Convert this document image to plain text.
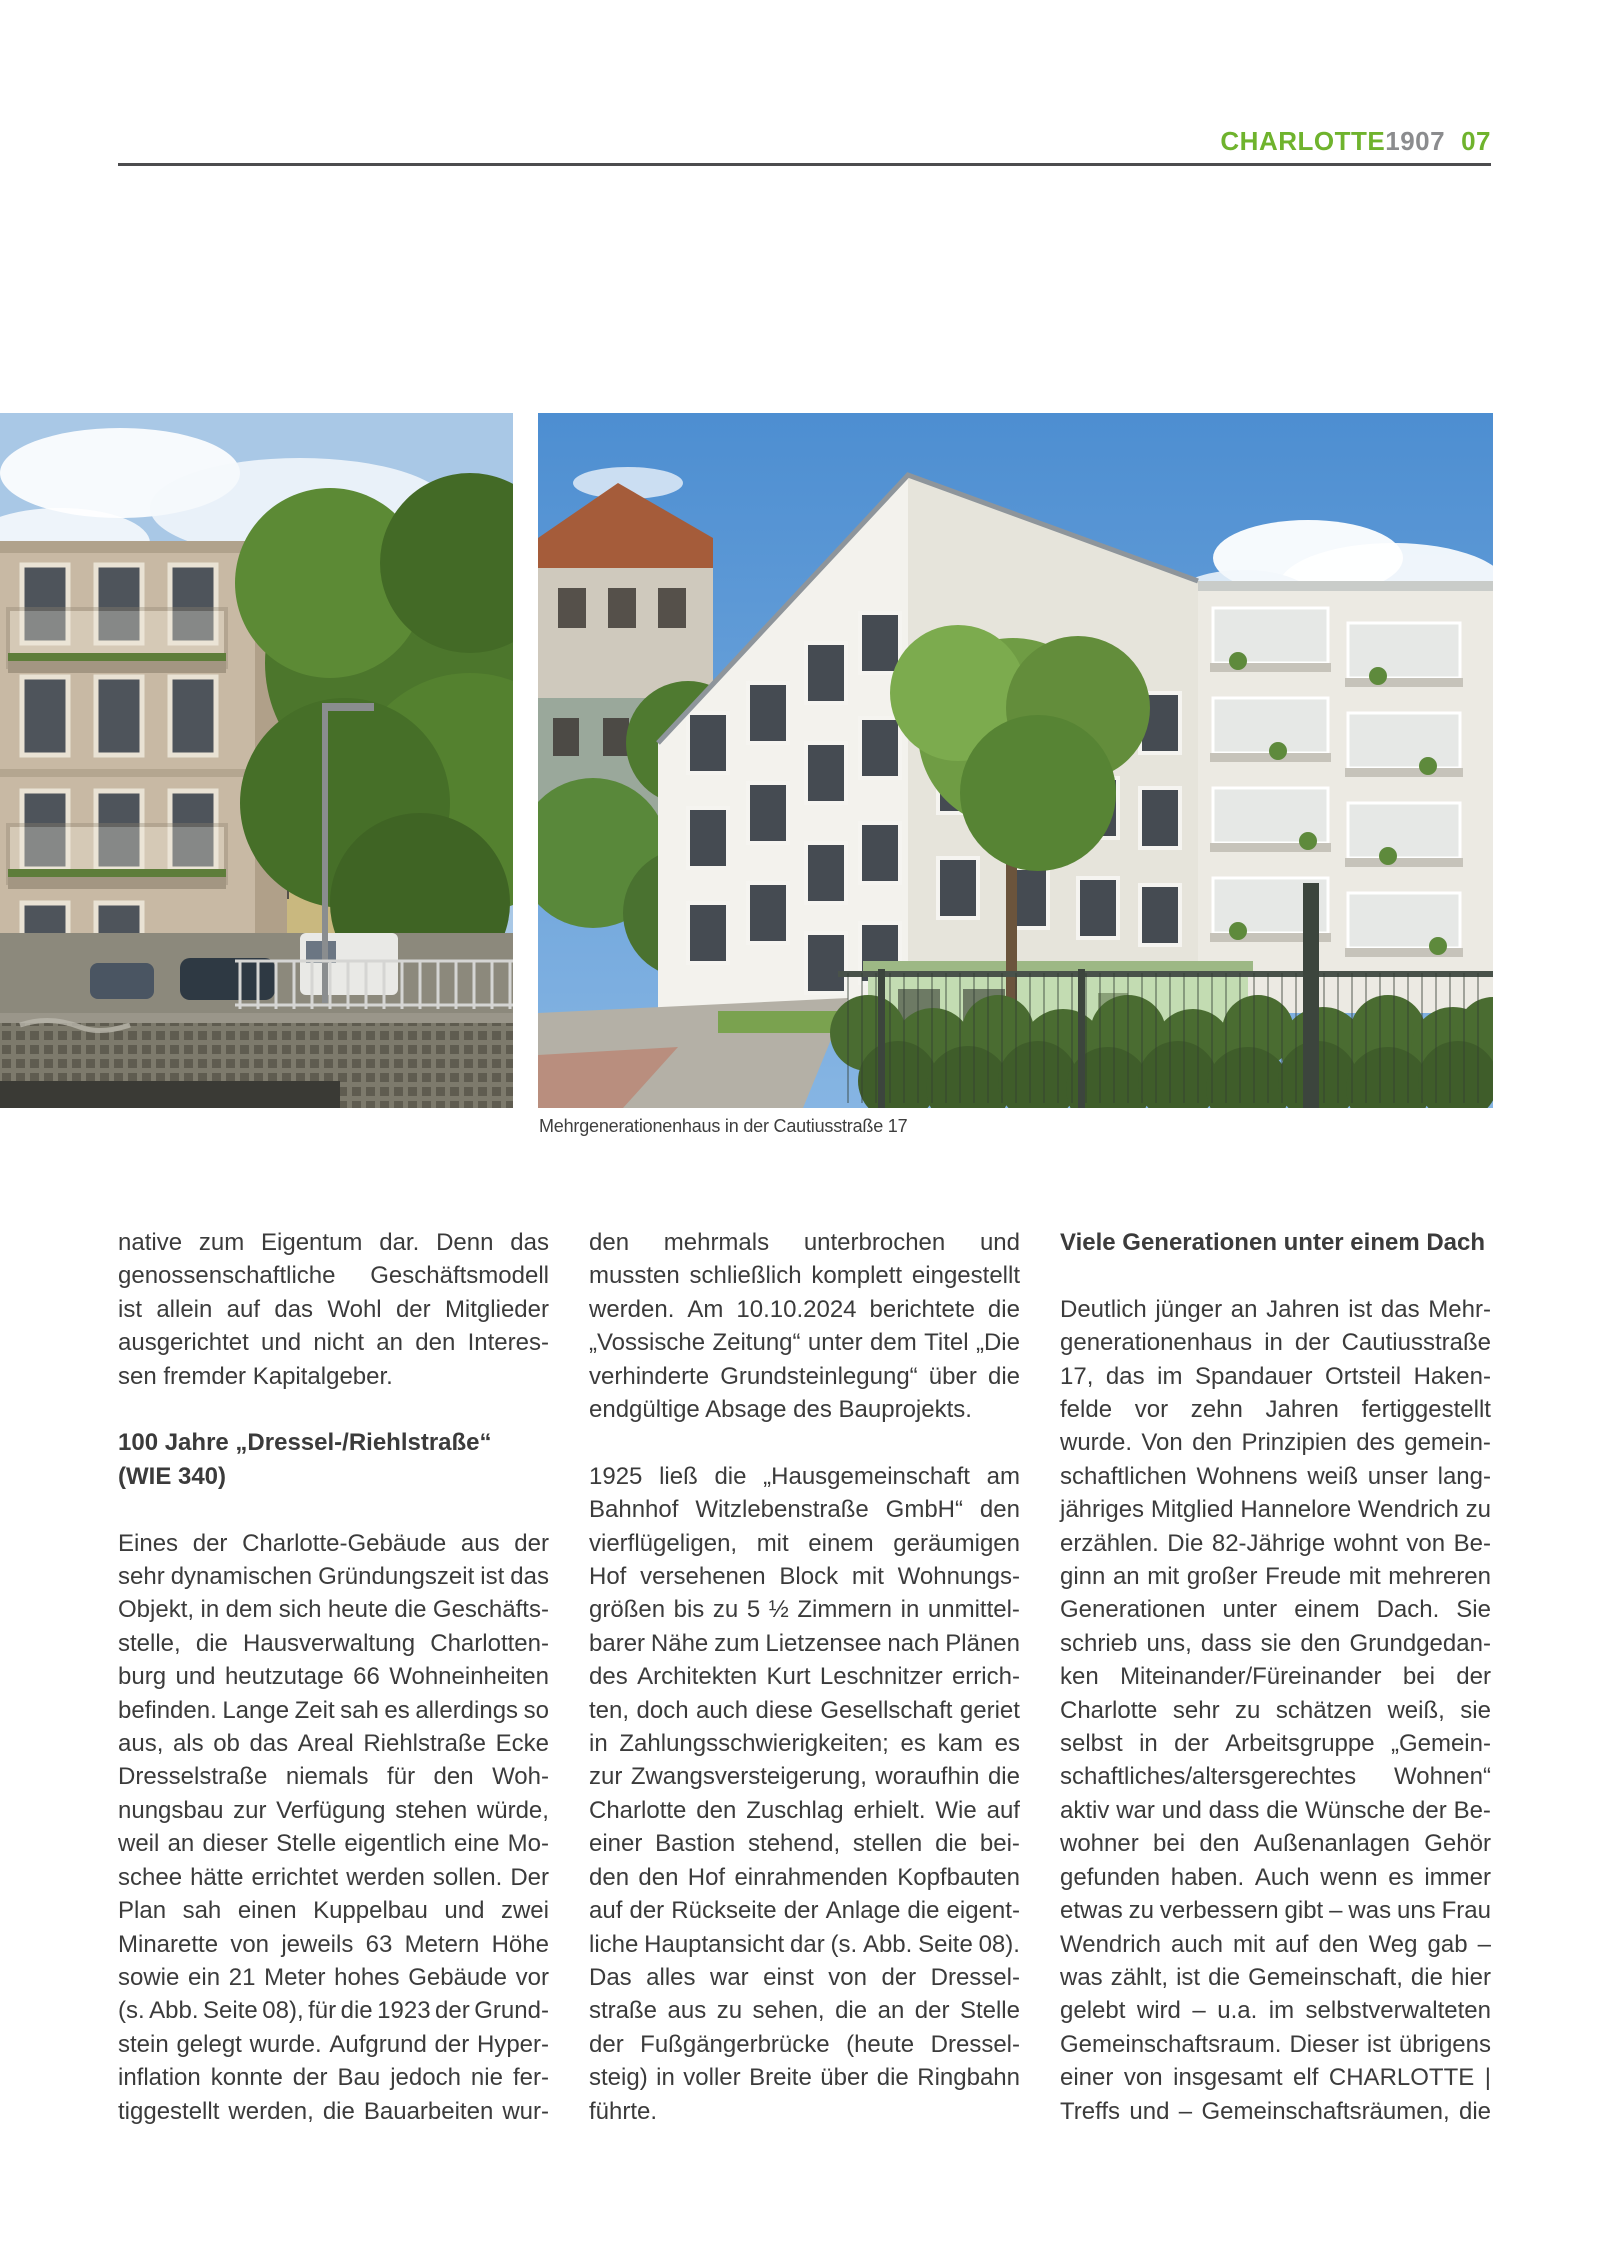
CHARLOTTE1907 07
Mehrgenerationenhaus in der Cautiusstraße 17
native zum Eigentum dar. Denn das
genossenschaftliche Geschäftsmodell
ist allein auf das Wohl der Mitglieder
ausgerichtet und nicht an den Interes-
sen fremder Kapitalgeber.
100 Jahre „Dressel-/Riehlstraße“
(WIE 340)
Eines der Charlotte-Gebäude aus der
sehr dynamischen Gründungszeit ist das
Objekt, in dem sich heute die Geschäfts-
stelle, die Hausverwaltung Charlotten-
burg und heutzutage 66 Wohneinheiten
befinden. Lange Zeit sah es allerdings so
aus, als ob das Areal Riehlstraße Ecke
Dresselstraße niemals für den Woh-
nungsbau zur Verfügung stehen würde,
weil an dieser Stelle eigentlich eine Mo-
schee hätte errichtet werden sollen. Der
Plan sah einen Kuppelbau und zwei
Minarette von jeweils 63 Metern Höhe
sowie ein 21 Meter hohes Gebäude vor
(s. Abb. Seite 08), für die 1923 der Grund-
stein gelegt wurde. Aufgrund der Hyper-
inflation konnte der Bau jedoch nie fer-
tiggestellt werden, die Bauarbeiten wur-
den mehrmals unterbrochen und
mussten schließlich komplett eingestellt
werden. Am 10.10.2024 berichtete die
„Vossische Zeitung“ unter dem Titel „Die
verhinderte Grundsteinlegung“ über die
endgültige Absage des Bauprojekts.
1925 ließ die „Hausgemeinschaft am
Bahnhof Witzlebenstraße GmbH“ den
vierflügeligen, mit einem geräumigen
Hof versehenen Block mit Wohnungs-
größen bis zu 5 ½ Zimmern in unmittel-
barer Nähe zum Lietzensee nach Plänen
des Architekten Kurt Leschnitzer errich-
ten, doch auch diese Gesellschaft geriet
in Zahlungsschwierigkeiten; es kam es
zur Zwangsversteigerung, woraufhin die
Charlotte den Zuschlag erhielt. Wie auf
einer Bastion stehend, stellen die bei-
den den Hof einrahmenden Kopfbauten
auf der Rückseite der Anlage die eigent-
liche Hauptansicht dar (s. Abb. Seite 08).
Das alles war einst von der Dressel-
straße aus zu sehen, die an der Stelle
der Fußgängerbrücke (heute Dressel-
steig) in voller Breite über die Ringbahn
führte.
Viele Generationen unter einem Dach
Deutlich jünger an Jahren ist das Mehr-
generationenhaus in der Cautiusstraße
17, das im Spandauer Ortsteil Haken-
felde vor zehn Jahren fertiggestellt
wurde. Von den Prinzipien des gemein-
schaftlichen Wohnens weiß unser lang-
jähriges Mitglied Hannelore Wendrich zu
erzählen. Die 82-Jährige wohnt von Be-
ginn an mit großer Freude mit mehreren
Generationen unter einem Dach. Sie
schrieb uns, dass sie den Grundgedan-
ken Miteinander/Füreinander bei der
Charlotte sehr zu schätzen weiß, sie
selbst in der Arbeitsgruppe „Gemein-
schaftliches/altersgerechtes Wohnen“
aktiv war und dass die Wünsche der Be-
wohner bei den Außenanlagen Gehör
gefunden haben. Auch wenn es immer
etwas zu verbessern gibt – was uns Frau
Wendrich auch mit auf den Weg gab –
was zählt, ist die Gemeinschaft, die hier
gelebt wird – u.a. im selbstverwalteten
Gemeinschaftsraum. Dieser ist übrigens
einer von insgesamt elf CHARLOTTE |
Treffs und – Gemeinschaftsräumen, die
